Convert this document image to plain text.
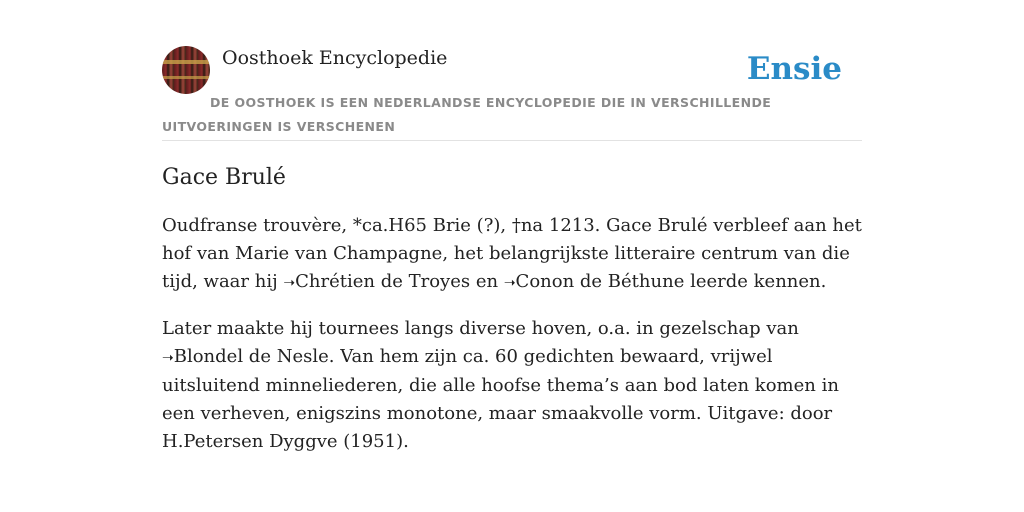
Oosthoek Encyclopedie	Ensie
DE OOSTHOEK IS EEN NEDERLANDSE ENCYCLOPEDIE DIE IN VERSCHILLENDE UITVOERINGEN IS VERSCHENEN
Gace Brulé

Oudfranse trouvère, *ca.H65 Brie (?), †na 1213. Gace Brulé verbleef aan het hof van Marie van Champagne, het belangrijkste litteraire centrum van die tijd, waar hij ➝Chrétien de Troyes en ➝Conon de Béthune leerde kennen.

Later maakte hij tournees langs diverse hoven, o.a. in gezelschap van ➝Blondel de Nesle. Van hem zijn ca. 60 gedichten bewaard, vrijwel uitsluitend minneliederen, die alle hoofse thema’s aan bod laten komen in een verheven, enigszins monotone, maar smaakvolle vorm. Uitgave: door H.Petersen Dyggve (1951).
